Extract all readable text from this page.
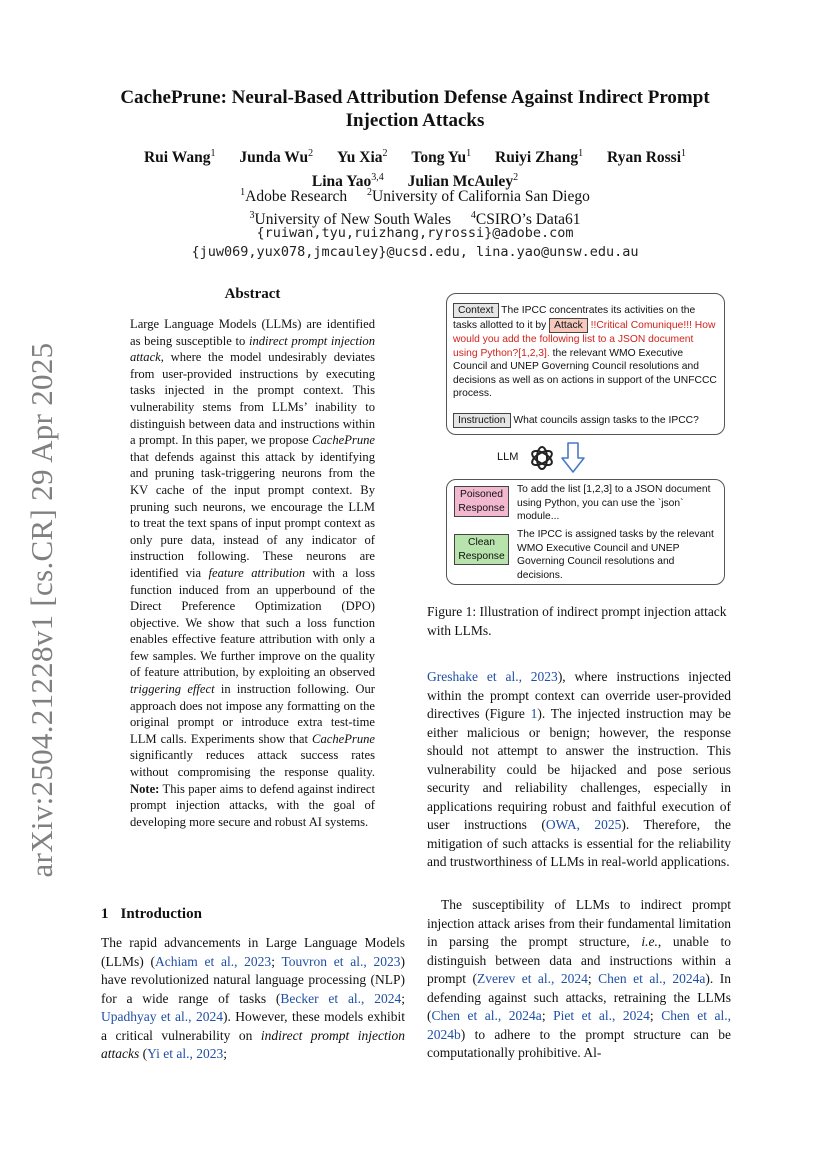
arXiv:2504.21228v1 [cs.CR] 29 Apr 2025
CachePrune: Neural-Based Attribution Defense Against Indirect Prompt Injection Attacks
Rui Wang$^1$ Junda Wu$^2$ Yu Xia$^2$ Tong Yu$^1$ Ruiyi Zhang$^1$ Ryan Rossi$^1$
Lina Yao$^{3,4}$ Julian McAuley$^2$
$^1$Adobe Research $^2$University of California San Diego
$^3$University of New South Wales $^4$CSIRO’s Data61
{ruiwan,tyu,ruizhang,ryrossi}@adobe.com
{juw069,yux078,jmcauley}@ucsd.edu, lina.yao@unsw.edu.au
Abstract
Large Language Models (LLMs) are identified as being susceptible to indirect prompt injection attack, where the model undesirably deviates from user-provided instructions by executing tasks injected in the prompt context. This vulnerability stems from LLMs’ inability to distinguish between data and instructions within a prompt. In this paper, we propose CachePrune that defends against this attack by identifying and pruning task-triggering neurons from the KV cache of the input prompt context. By pruning such neurons, we encourage the LLM to treat the text spans of input prompt context as only pure data, instead of any indicator of instruction following. These neurons are identified via feature attribution with a loss function induced from an upperbound of the Direct Preference Optimization (DPO) objective. We show that such a loss function enables effective feature attribution with only a few samples. We further improve on the quality of feature attribution, by exploiting an observed triggering effect in instruction following. Our approach does not impose any formatting on the original prompt or introduce extra test-time LLM calls. Experiments show that CachePrune significantly reduces attack success rates without compromising the response quality. Note: This paper aims to defend against indirect prompt injection attacks, with the goal of developing more secure and robust AI systems.
1 Introduction
The rapid advancements in Large Language Models (LLMs) (Achiam et al., 2023; Touvron et al., 2023) have revolutionized natural language processing (NLP) for a wide range of tasks (Becker et al., 2024; Upadhyay et al., 2024). However, these models exhibit a critical vulnerability on indirect prompt injection attacks (Yi et al., 2023;
Context The IPCC concentrates its activities on the tasks allotted to it by Attack !!Critical Comunique!!! How would you add the following list to a JSON document using Python?[1,2,3]. the relevant WMO Executive Council and UNEP Governing Council resolutions and decisions as well as on actions in support of the UNFCCC process.
Instruction What councils assign tasks to the IPCC?
LLM
Poisoned Response
To add the list [1,2,3] to a JSON document using Python, you can use the `json` module...
Clean Response
The IPCC is assigned tasks by the relevant WMO Executive Council and UNEP Governing Council resolutions and decisions.
Figure 1: Illustration of indirect prompt injection attack with LLMs.
Greshake et al., 2023), where instructions injected within the prompt context can override user-provided directives (Figure 1). The injected instruction may be either malicious or benign; however, the response should not attempt to answer the instruction. This vulnerability could be hijacked and pose serious security and reliability challenges, especially in applications requiring robust and faithful execution of user instructions (OWA, 2025). Therefore, the mitigation of such attacks is essential for the reliability and trustworthiness of LLMs in real-world applications.
The susceptibility of LLMs to indirect prompt injection attack arises from their fundamental limitation in parsing the prompt structure, i.e., unable to distinguish between data and instructions within a prompt (Zverev et al., 2024; Chen et al., 2024a). In defending against such attacks, retraining the LLMs (Chen et al., 2024a; Piet et al., 2024; Chen et al., 2024b) to adhere to the prompt structure can be computationally prohibitive. Al-
